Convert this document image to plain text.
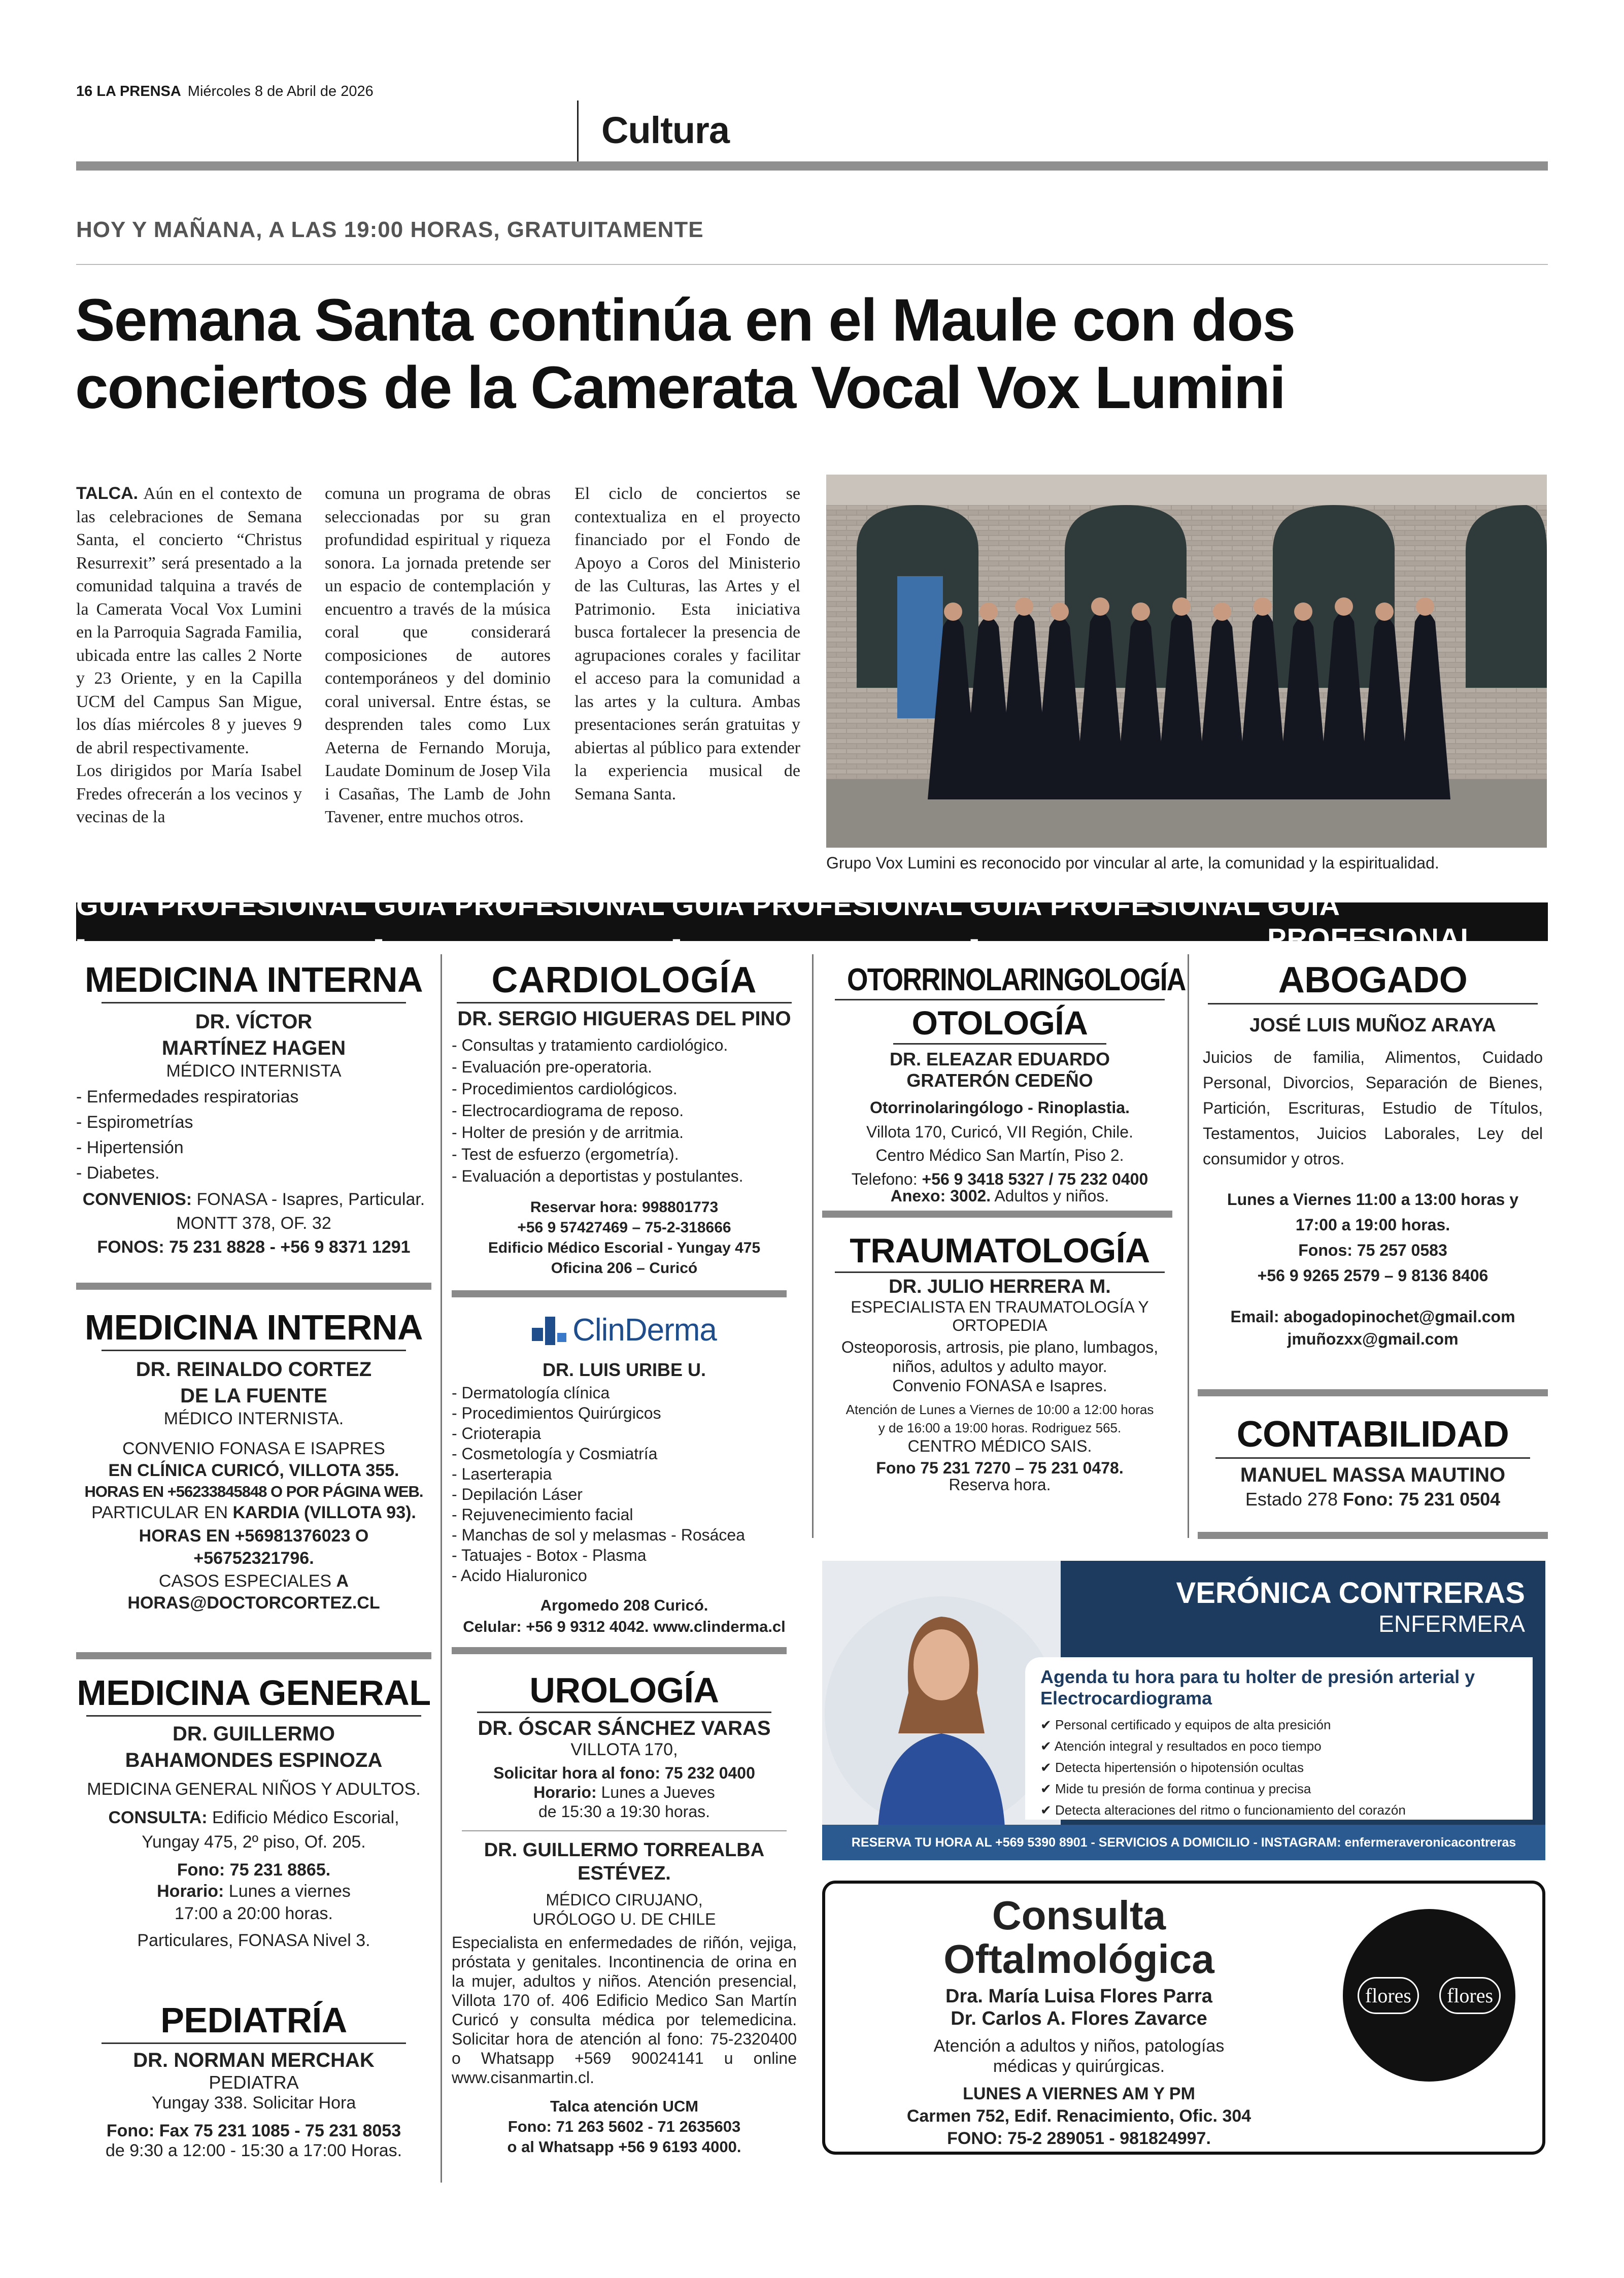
16 LA PRENSA Miércoles 8 de Abril de 2026
Cultura
HOY Y MAÑANA, A LAS 19:00 HORAS, GRATUITAMENTE
Semana Santa continúa en el Maule con dos
conciertos de la Camerata Vocal Vox Lumini
TALCA. Aún en el contexto de las celebraciones de Semana Santa, el concierto “Christus Resurrexit” será presentado a la comunidad talquina a través de la Camerata Vocal Vox Lumini en la Parroquia Sagrada Familia, ubicada entre las calles 2 Norte y 23 Oriente, y en la Capilla UCM del Campus San Migue, los días miércoles 8 y jueves 9 de abril respectivamente.
Los dirigidos por María Isabel Fredes ofrecerán a los vecinos y vecinas de la
comuna un programa de obras seleccionadas por su gran profundidad espiritual y riqueza sonora. La jornada pretende ser un espacio de contemplación y encuentro a través de la música coral que considerará composiciones de autores contemporáneos y del dominio coral universal. Entre éstas, se desprenden tales como Lux Aeterna de Fernando Moruja, Laudate Dominum de Josep Vila i Casañas, The Lamb de John Tavener, entre muchos otros.
El ciclo de conciertos se contextualiza en el proyecto financiado por el Fondo de Apoyo a Coros del Ministerio de las Culturas, las Artes y el Patrimonio. Esta iniciativa busca fortalecer la presencia de agrupaciones corales y facilitar el acceso para la comunidad a las artes y la cultura. Ambas presentaciones serán gratuitas y abiertas al público para extender la experiencia musical de Semana Santa.
Grupo Vox Lumini es reconocido por vincular al arte, la comunidad y la espiritualidad.
GUÍA PROFESIONAL -
GUÍA PROFESIONAL -
GUÍA PROFESIONAL -
GUÍA PROFESIONAL -
GUÍA PROFESIONAL
MEDICINA INTERNA
DR. VÍCTOR
MARTÍNEZ HAGEN
MÉDICO INTERNISTA
- Enfermedades respiratorias
- Espirometrías
- Hipertensión
- Diabetes.
CONVENIOS: FONASA - Isapres, Particular.
MONTT 378, OF. 32
FONOS: 75 231 8828 - +56 9 8371 1291
MEDICINA INTERNA
DR. REINALDO CORTEZ
DE LA FUENTE
MÉDICO INTERNISTA.
CONVENIO FONASA E ISAPRES
EN CLÍNICA CURICÓ, VILLOTA 355.
HORAS EN +56233845848 O POR PÁGINA WEB.
PARTICULAR EN KARDIA (VILLOTA 93).
HORAS EN +56981376023 O
+56752321796.
CASOS ESPECIALES A
HORAS@DOCTORCORTEZ.CL
MEDICINA GENERAL
DR. GUILLERMO
BAHAMONDES ESPINOZA
MEDICINA GENERAL NIÑOS Y ADULTOS.
CONSULTA: Edificio Médico Escorial,
Yungay 475, 2º piso, Of. 205.
Fono: 75 231 8865.
Horario: Lunes a viernes
17:00 a 20:00 horas.
Particulares, FONASA Nivel 3.
PEDIATRÍA
DR. NORMAN MERCHAK
PEDIATRA
Yungay 338. Solicitar Hora
Fono: Fax 75 231 1085 - 75 231 8053
de 9:30 a 12:00 - 15:30 a 17:00 Horas.
CARDIOLOGÍA
DR. SERGIO HIGUERAS DEL PINO
- Consultas y tratamiento cardiológico.
- Evaluación pre-operatoria.
- Procedimientos cardiológicos.
- Electrocardiograma de reposo.
- Holter de presión y de arritmia.
- Test de esfuerzo (ergometría).
- Evaluación a deportistas y postulantes.
Reservar hora: 998801773
+56 9 57427469 – 75-2-318666
Edificio Médico Escorial - Yungay 475
Oficina 206 – Curicó
ClinDerma
DR. LUIS URIBE U.
- Dermatología clínica
- Procedimientos Quirúrgicos
- Crioterapia
- Cosmetología y Cosmiatría
- Laserterapia
- Depilación Láser
- Rejuvenecimiento facial
- Manchas de sol y melasmas - Rosácea
- Tatuajes - Botox - Plasma
- Acido Hialuronico
Argomedo 208 Curicó.
Celular: +56 9 9312 4042. www.clinderma.cl
UROLOGÍA
DR. ÓSCAR SÁNCHEZ VARAS
VILLOTA 170,
Solicitar hora al fono: 75 232 0400
Horario: Lunes a Jueves
de 15:30 a 19:30 horas.
DR. GUILLERMO TORREALBA
ESTÉVEZ.
MÉDICO CIRUJANO,
URÓLOGO U. DE CHILE
Especialista en enfermedades de riñón, vejiga, próstata y genitales. Incontinencia de orina en la mujer, adultos y niños. Atención presencial, Villota 170 of. 406 Edificio Medico San Martín Curicó y consulta médica por telemedicina. Solicitar hora de atención al fono: 75-2320400 o Whatsapp +569 90024141 u online www.cisanmartin.cl.
Talca atención UCM
Fono: 71 263 5602 - 71 2635603
o al Whatsapp +56 9 6193 4000.
OTORRINOLARINGOLOGÍA
OTOLOGÍA
DR. ELEAZAR EDUARDO
GRATERÓN CEDEÑO
Otorrinolaringólogo - Rinoplastia.
Villota 170, Curicó, VII Región, Chile.
Centro Médico San Martín, Piso 2.
Telefono: +56 9 3418 5327 / 75 232 0400
Anexo: 3002. Adultos y niños.
TRAUMATOLOGÍA
DR. JULIO HERRERA M.
ESPECIALISTA EN TRAUMATOLOGÍA Y
ORTOPEDIA
Osteoporosis, artrosis, pie plano, lumbagos,
niños, adultos y adulto mayor.
Convenio FONASA e Isapres.
Atención de Lunes a Viernes de 10:00 a 12:00 horas
y de 16:00 a 19:00 horas. Rodriguez 565.
CENTRO MÉDICO SAIS.
Fono 75 231 7270 – 75 231 0478.
Reserva hora.
ABOGADO
JOSÉ LUIS MUÑOZ ARAYA
Juicios de familia, Alimentos, Cuidado Personal, Divorcios, Separación de Bienes, Partición, Escrituras, Estudio de Títulos, Testamentos, Juicios Laborales, Ley del consumidor y otros.
Lunes a Viernes 11:00 a 13:00 horas y
17:00 a 19:00 horas.
Fonos: 75 257 0583
+56 9 9265 2579 – 9 8136 8406
Email: abogadopinochet@gmail.com
jmuñozxx@gmail.com
CONTABILIDAD
MANUEL MASSA MAUTINO
Estado 278 Fono: 75 231 0504
VERÓNICA CONTRERAS
ENFERMERA
Agenda tu hora para tu holter de presión arterial y Electrocardiograma
✔ Personal certificado y equipos de alta presición
✔ Atención integral y resultados en poco tiempo
✔ Detecta hipertensión o hipotensión ocultas
✔ Mide tu presión de forma continua y precisa
✔ Detecta alteraciones del ritmo o funcionamiento del corazón
RESERVA TU HORA AL +569 5390 8901 - SERVICIOS A DOMICILIO - INSTAGRAM: enfermeraveronicacontreras
Consulta
Oftalmológica
Dra. María Luisa Flores Parra
Dr. Carlos A. Flores Zavarce
Atención a adultos y niños, patologías
médicas y quirúrgicas.
LUNES A VIERNES AM Y PM
Carmen 752, Edif. Renacimiento, Ofic. 304
FONO: 75-2 289051 - 981824997.
flores	flores
